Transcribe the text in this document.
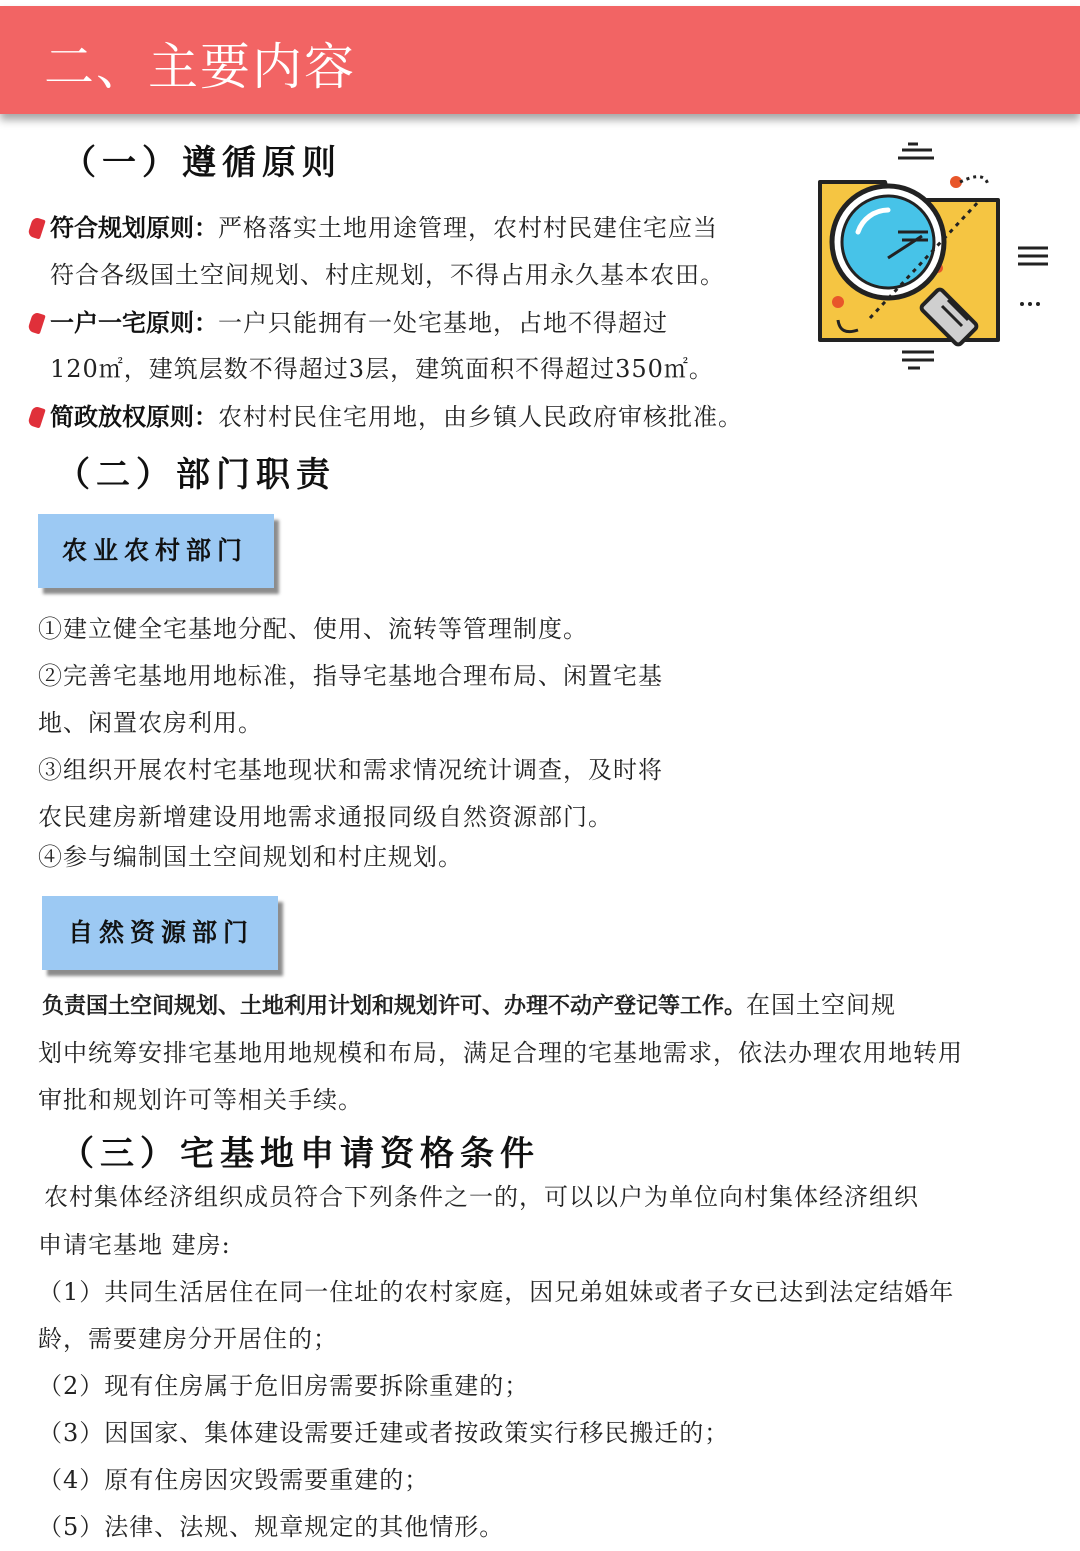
二、主要内容
（一）遵循原则
符合规划原则：严格落实土地用途管理，农村村民建住宅应当
符合各级国土空间规划、村庄规划，不得占用永久基本农田。
一户一宅原则：一户只能拥有一处宅基地，占地不得超过
120㎡，建筑层数不得超过3层，建筑面积不得超过350㎡。
简政放权原则：农村村民住宅用地，由乡镇人民政府审核批准。
（二）部门职责
农业农村部门
①建立健全宅基地分配、使用、流转等管理制度。
②完善宅基地用地标准，指导宅基地合理布局、闲置宅基
地、闲置农房利用。
③组织开展农村宅基地现状和需求情况统计调查，及时将
农民建房新增建设用地需求通报同级自然资源部门。
④参与编制国土空间规划和村庄规划。
自然资源部门
负责国土空间规划、土地利用计划和规划许可、办理不动产登记等工作。在国土空间规
划中统筹安排宅基地用地规模和布局，满足合理的宅基地需求，依法办理农用地转用
审批和规划许可等相关手续。
（三）宅基地申请资格条件
农村集体经济组织成员符合下列条件之一的，可以以户为单位向村集体经济组织
申请宅基地 建房:
（1）共同生活居住在同一住址的农村家庭，因兄弟姐妹或者子女已达到法定结婚年
龄，需要建房分开居住的；
（2）现有住房属于危旧房需要拆除重建的；
（3）因国家、集体建设需要迁建或者按政策实行移民搬迁的；
（4）原有住房因灾毁需要重建的；
（5）法律、法规、规章规定的其他情形。
